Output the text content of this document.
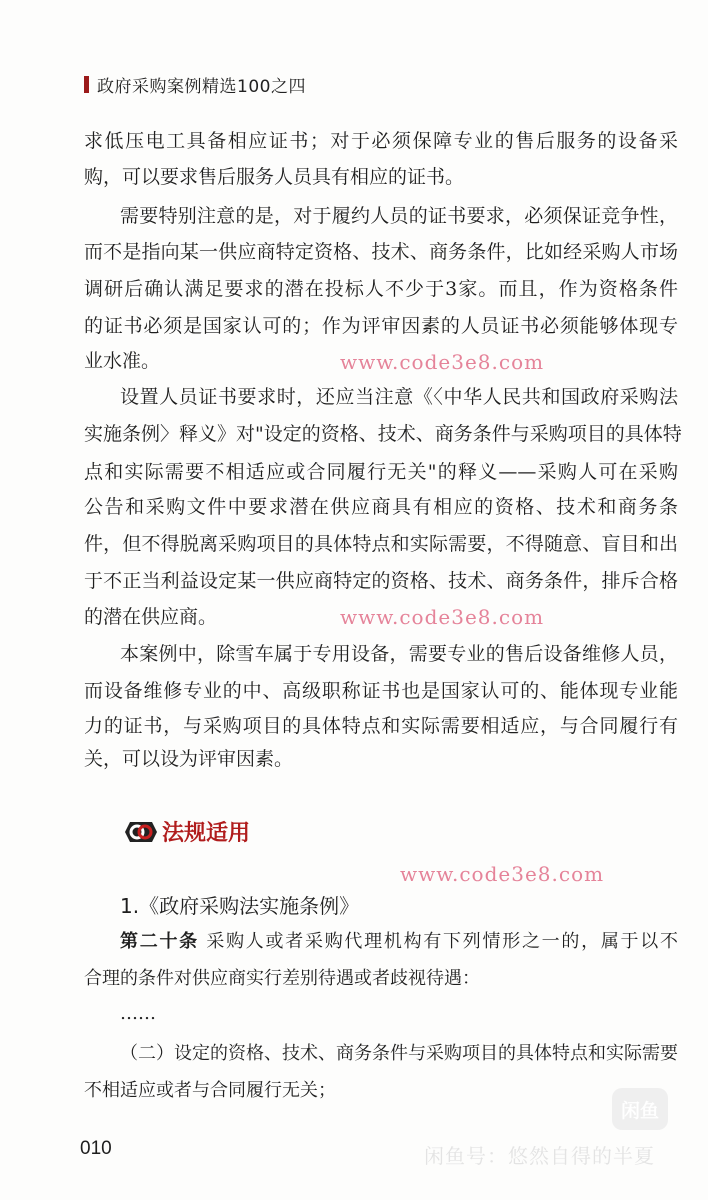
政府采购案例精选100之四
求低压电工具备相应证书；对于必须保障专业的售后服务的设备采
购，可以要求售后服务人员具有相应的证书。
需要特别注意的是，对于履约人员的证书要求，必须保证竞争性，
而不是指向某一供应商特定资格、技术、商务条件，比如经采购人市场
调研后确认满足要求的潜在投标人不少于3家。而且，作为资格条件
的证书必须是国家认可的；作为评审因素的人员证书必须能够体现专
业水准。
设置人员证书要求时，还应当注意《〈中华人民共和国政府采购法
实施条例〉释义》对"设定的资格、技术、商务条件与采购项目的具体特
点和实际需要不相适应或合同履行无关"的释义——采购人可在采购
公告和采购文件中要求潜在供应商具有相应的资格、技术和商务条
件，但不得脱离采购项目的具体特点和实际需要，不得随意、盲目和出
于不正当利益设定某一供应商特定的资格、技术、商务条件，排斥合格
的潜在供应商。
本案例中，除雪车属于专用设备，需要专业的售后设备维修人员，
而设备维修专业的中、高级职称证书也是国家认可的、能体现专业能
力的证书，与采购项目的具体特点和实际需要相适应，与合同履行有
关，可以设为评审因素。
法规适用
1.《政府采购法实施条例》
第二十条 采购人或者采购代理机构有下列情形之一的，属于以不
合理的条件对供应商实行差别待遇或者歧视待遇：
……
（二）设定的资格、技术、商务条件与采购项目的具体特点和实际需要
不相适应或者与合同履行无关；
010
www.code3e8.com
www.code3e8.com
www.code3e8.com
闲鱼
闲鱼号：悠然自得的半夏
